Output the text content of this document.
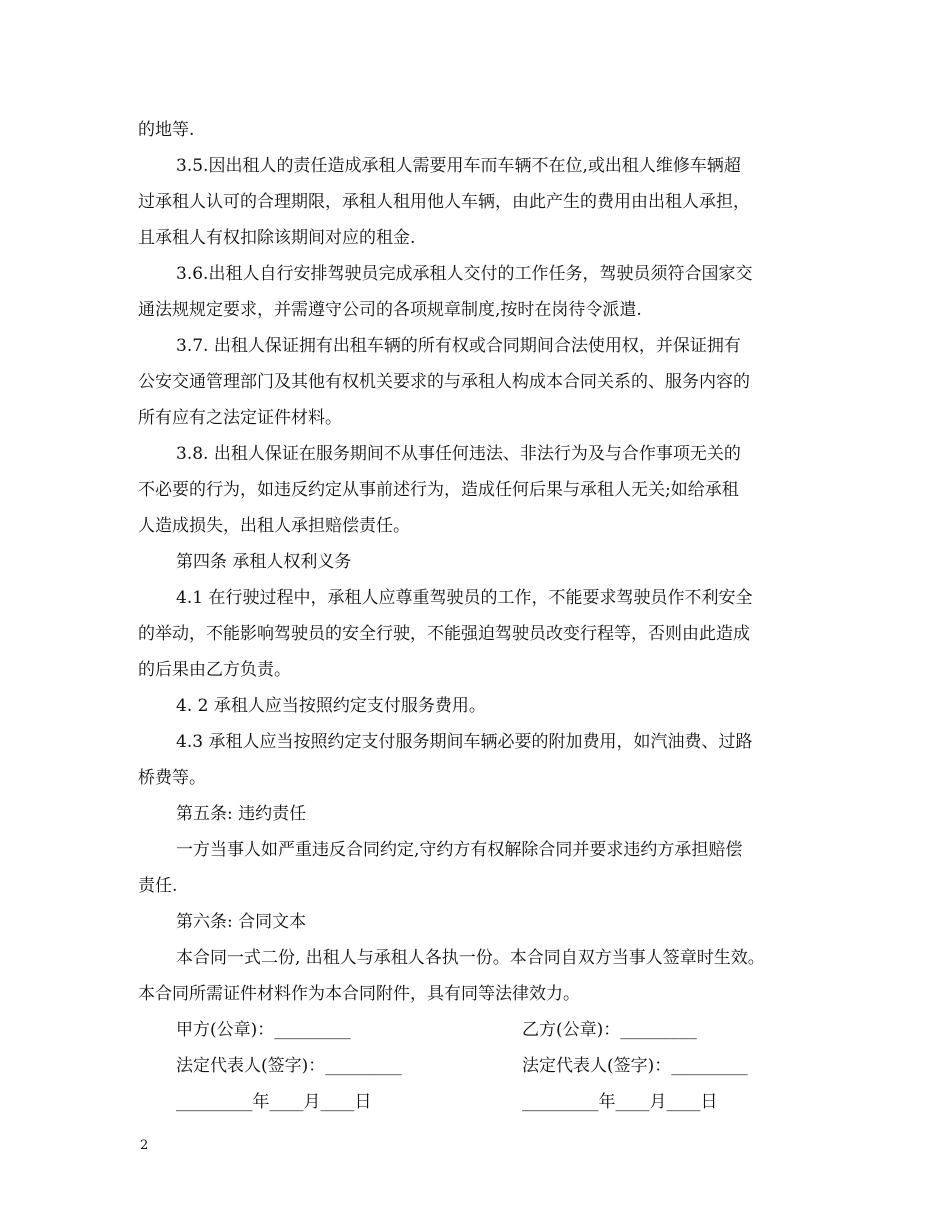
的地等.
3.5.因出租人的责任造成承租人需要用车而车辆不在位,或出租人维修车辆超
过承租人认可的合理期限，承租人租用他人车辆，由此产生的费用由出租人承担，
且承租人有权扣除该期间对应的租金.
3.6.出租人自行安排驾驶员完成承租人交付的工作任务，驾驶员须符合国家交
通法规规定要求，并需遵守公司的各项规章制度,按时在岗待令派遣.
3.7. 出租人保证拥有出租车辆的所有权或合同期间合法使用权，并保证拥有
公安交通管理部门及其他有权机关要求的与承租人构成本合同关系的、服务内容的
所有应有之法定证件材料。
3.8. 出租人保证在服务期间不从事任何违法、非法行为及与合作事项无关的
不必要的行为，如违反约定从事前述行为，造成任何后果与承租人无关;如给承租
人造成损失，出租人承担赔偿责任。
第四条 承租人权利义务
4.1 在行驶过程中，承租人应尊重驾驶员的工作，不能要求驾驶员作不利安全
的举动，不能影响驾驶员的安全行驶，不能强迫驾驶员改变行程等，否则由此造成
的后果由乙方负责。
4. 2 承租人应当按照约定支付服务费用。
4.3 承租人应当按照约定支付服务期间车辆必要的附加费用，如汽油费、过路
桥费等。
第五条: 违约责任
一方当事人如严重违反合同约定,守约方有权解除合同并要求违约方承担赔偿
责任.
第六条: 合同文本
本合同一式二份, 出租人与承租人各执一份。本合同自双方当事人签章时生效。
本合同所需证件材料作为本合同附件，具有同等法律效力。
甲方(公章)：_________	乙方(公章)：_________
法定代表人(签字)：_________	法定代表人(签字)：_________
_________年____月____日	_________年____月____日
2
